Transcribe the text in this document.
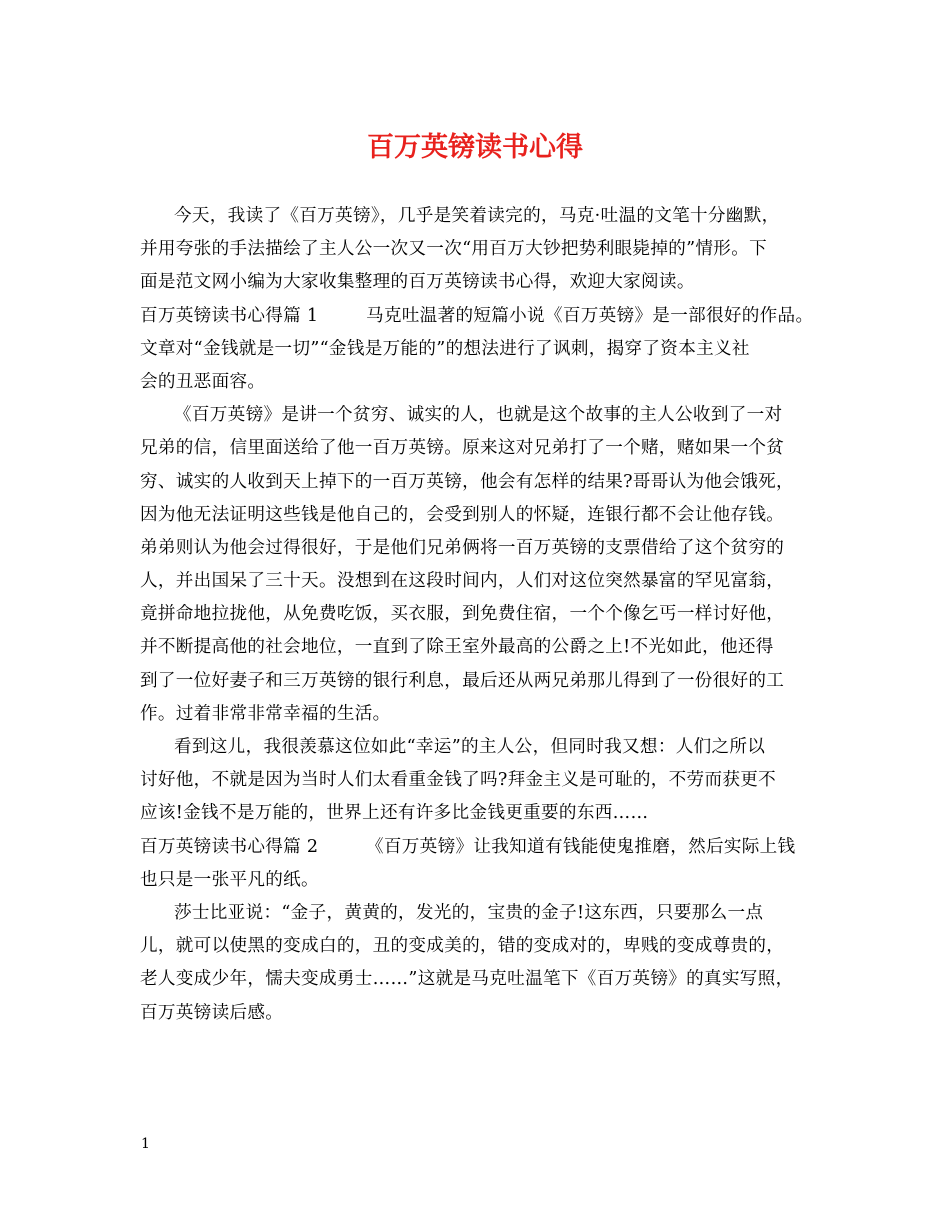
百万英镑读书心得
今天，我读了《百万英镑》，几乎是笑着读完的，马克·吐温的文笔十分幽默，
并用夸张的手法描绘了主人公一次又一次“用百万大钞把势利眼毙掉的”情形。下
面是范文网小编为大家收集整理的百万英镑读书心得，欢迎大家阅读。
百万英镑读书心得篇 1	马克吐温著的短篇小说《百万英镑》是一部很好的作品。
文章对“金钱就是一切”“金钱是万能的”的想法进行了讽刺，揭穿了资本主义社
会的丑恶面容。
《百万英镑》是讲一个贫穷、诚实的人，也就是这个故事的主人公收到了一对
兄弟的信，信里面送给了他一百万英镑。原来这对兄弟打了一个赌，赌如果一个贫
穷、诚实的人收到天上掉下的一百万英镑，他会有怎样的结果?哥哥认为他会饿死，
因为他无法证明这些钱是他自己的，会受到别人的怀疑，连银行都不会让他存钱。
弟弟则认为他会过得很好，于是他们兄弟俩将一百万英镑的支票借给了这个贫穷的
人，并出国呆了三十天。没想到在这段时间内，人们对这位突然暴富的罕见富翁，
竟拼命地拉拢他，从免费吃饭，买衣服，到免费住宿，一个个像乞丐一样讨好他，
并不断提高他的社会地位，一直到了除王室外最高的公爵之上!不光如此，他还得
到了一位好妻子和三万英镑的银行利息，最后还从两兄弟那儿得到了一份很好的工
作。过着非常非常幸福的生活。
看到这儿，我很羡慕这位如此“幸运”的主人公，但同时我又想：人们之所以
讨好他，不就是因为当时人们太看重金钱了吗?拜金主义是可耻的，不劳而获更不
应该!金钱不是万能的，世界上还有许多比金钱更重要的东西……
百万英镑读书心得篇 2	《百万英镑》让我知道有钱能使鬼推磨，然后实际上钱
也只是一张平凡的纸。
莎士比亚说：“金子，黄黄的，发光的，宝贵的金子!这东西，只要那么一点
儿，就可以使黑的变成白的，丑的变成美的，错的变成对的，卑贱的变成尊贵的，
老人变成少年，懦夫变成勇士……”这就是马克吐温笔下《百万英镑》的真实写照，
百万英镑读后感。
1
